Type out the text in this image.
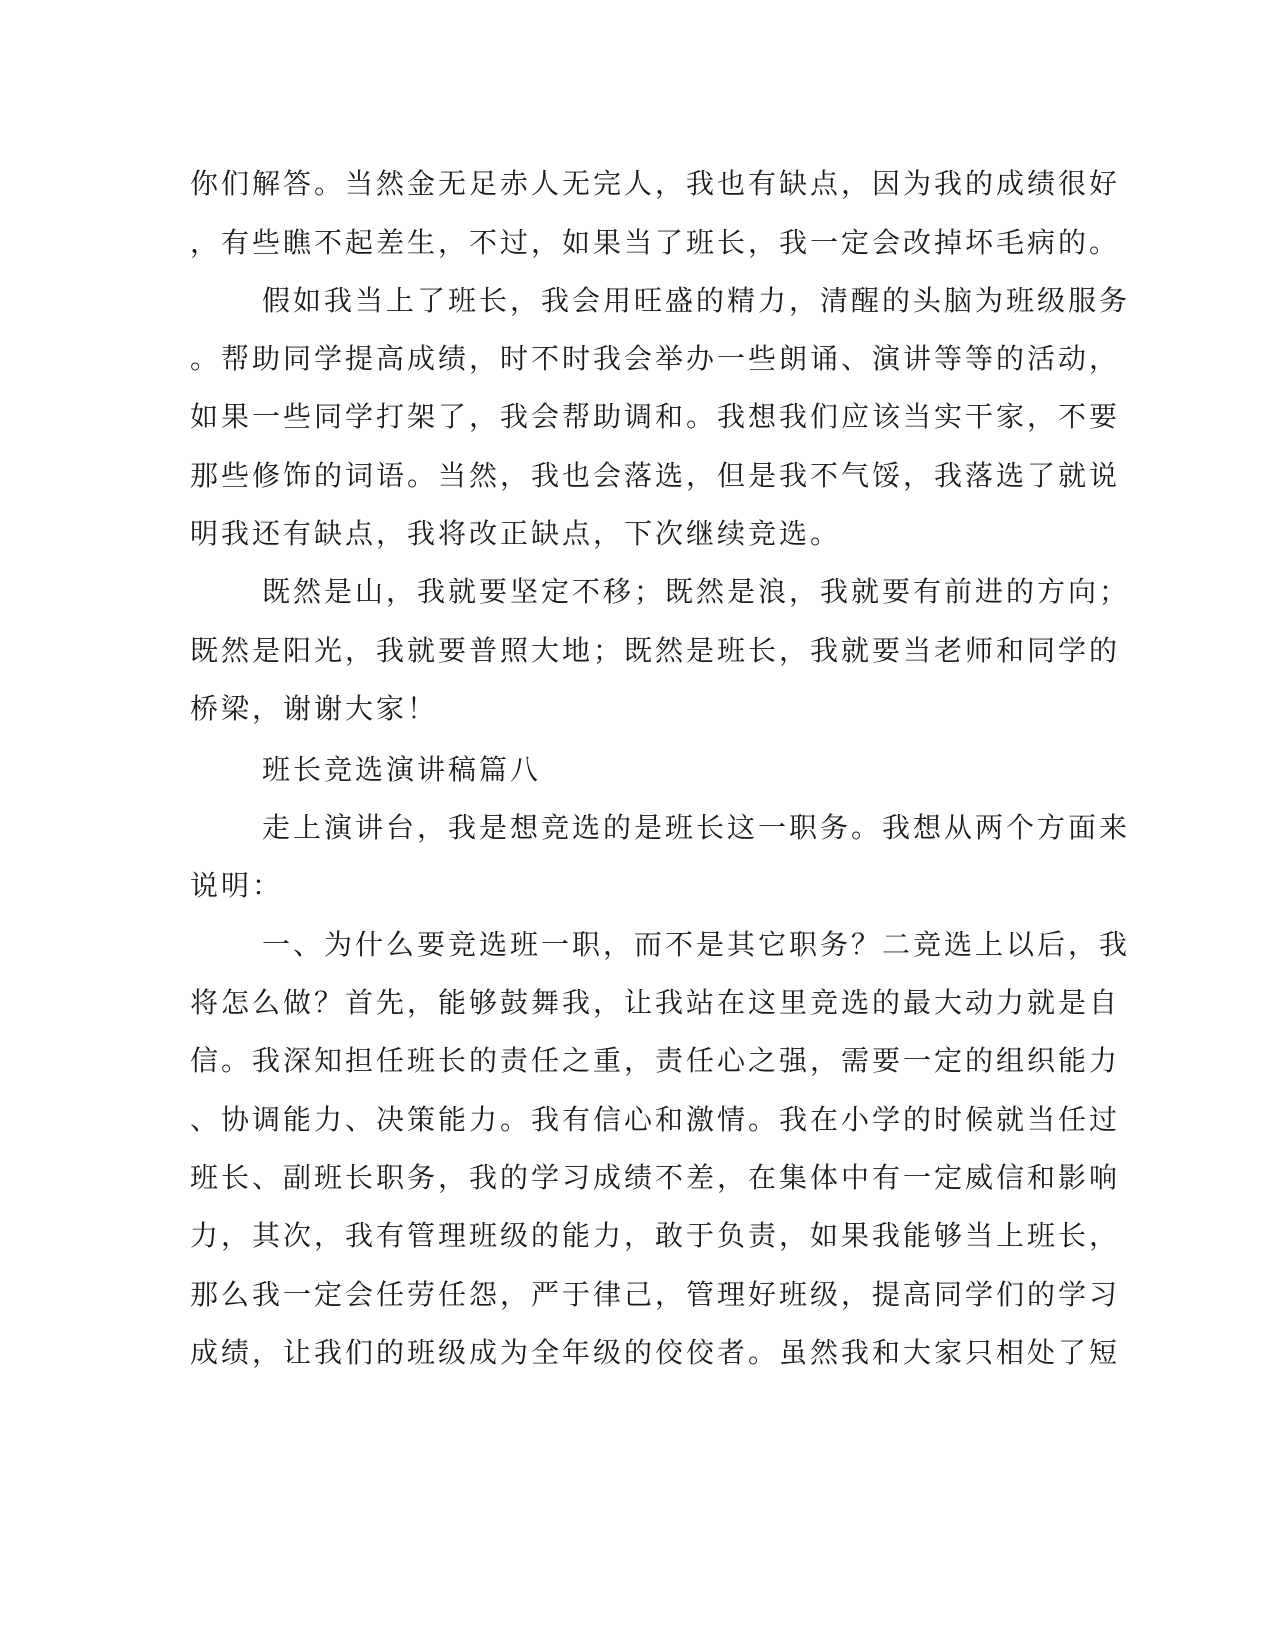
你们解答。当然金无足赤人无完人，我也有缺点，因为我的成绩很好

，有些瞧不起差生，不过，如果当了班长，我一定会改掉坏毛病的。

假如我当上了班长，我会用旺盛的精力，清醒的头脑为班级服务

。帮助同学提高成绩，时不时我会举办一些朗诵、演讲等等的活动，

如果一些同学打架了，我会帮助调和。我想我们应该当实干家，不要

那些修饰的词语。当然，我也会落选，但是我不气馁，我落选了就说

明我还有缺点，我将改正缺点，下次继续竞选。

既然是山，我就要坚定不移；既然是浪，我就要有前进的方向；

既然是阳光，我就要普照大地；既然是班长，我就要当老师和同学的

桥梁，谢谢大家！

班长竞选演讲稿篇八

走上演讲台，我是想竞选的是班长这一职务。我想从两个方面来

说明：

一、为什么要竞选班一职，而不是其它职务？二竞选上以后，我

将怎么做？首先，能够鼓舞我，让我站在这里竞选的最大动力就是自

信。我深知担任班长的责任之重，责任心之强，需要一定的组织能力

、协调能力、决策能力。我有信心和激情。我在小学的时候就当任过

班长、副班长职务，我的学习成绩不差，在集体中有一定威信和影响

力，其次，我有管理班级的能力，敢于负责，如果我能够当上班长，

那么我一定会任劳任怨，严于律己，管理好班级，提高同学们的学习

成绩，让我们的班级成为全年级的佼佼者。虽然我和大家只相处了短
